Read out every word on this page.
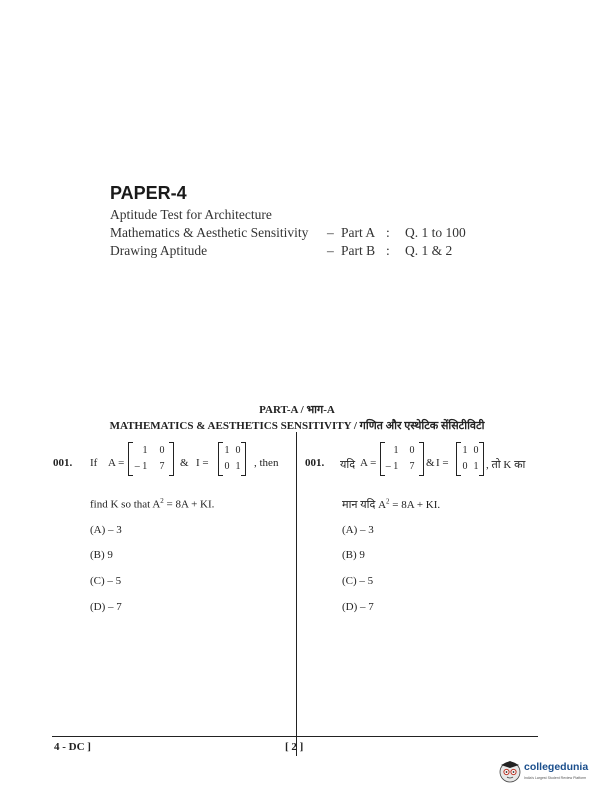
PAPER-4
Aptitude Test for Architecture
Mathematics & Aesthetic Sensitivity – Part A : Q. 1 to 100
Drawing Aptitude	– Part B : Q. 1 & 2
PART-A / भाग-A
MATHEMATICS & AESTHETICS SENSITIVITY / गणित और एस्थेटिक सेंसिटीविटी
001. If A =
1	0
– 1	7	& I =
1 0
0 1	, then
find K so that $A^2 = 8A$ + KI.
(A) – 3
(B) 9
(C) – 5
(D) – 7
001. यदि A =
1	0
– 1	7	& I =
1 0
0 1 , तो K का
मान यदि $A^2 = 8A$ + KI.
(A) – 3
(B) 9
(C) – 5
(D) – 7
4 - DC ]	[ 2 ]
collegedunia
India's Largest Student Review Platform
